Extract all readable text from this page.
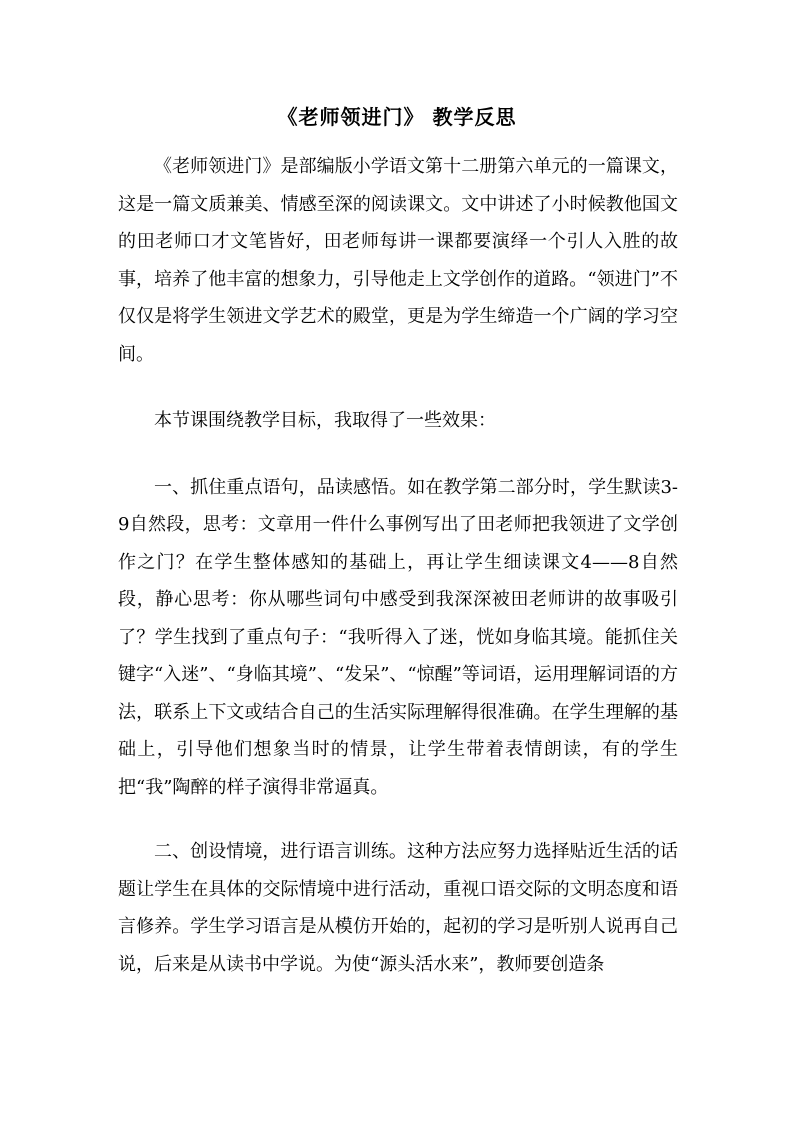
《老师领进门》 教学反思

《老师领进门》是部编版小学语文第十二册第六单元的一篇课文，这是一篇文质兼美、情感至深的阅读课文。文中讲述了小时候教他国文的田老师口才文笔皆好，田老师每讲一课都要演绎一个引人入胜的故事，培养了他丰富的想象力，引导他走上文学创作的道路。“领进门”不仅仅是将学生领进文学艺术的殿堂，更是为学生缔造一个广阔的学习空间。

本节课围绕教学目标，我取得了一些效果：

一、抓住重点语句，品读感悟。如在教学第二部分时，学生默读3-9自然段，思考：文章用一件什么事例写出了田老师把我领进了文学创作之门？在学生整体感知的基础上，再让学生细读课文4——8自然段，静心思考：你从哪些词句中感受到我深深被田老师讲的故事吸引了？学生找到了重点句子：“我听得入了迷，恍如身临其境。能抓住关键字“入迷”、“身临其境”、“发呆”、“惊醒”等词语，运用理解词语的方法，联系上下文或结合自己的生活实际理解得很准确。在学生理解的基础上，引导他们想象当时的情景，让学生带着表情朗读，有的学生把“我”陶醉的样子演得非常逼真。

二、创设情境，进行语言训练。这种方法应努力选择贴近生活的话题让学生在具体的交际情境中进行活动，重视口语交际的文明态度和语言修养。学生学习语言是从模仿开始的，起初的学习是听别人说再自己说，后来是从读书中学说。为使“源头活水来”，教师要创造条
